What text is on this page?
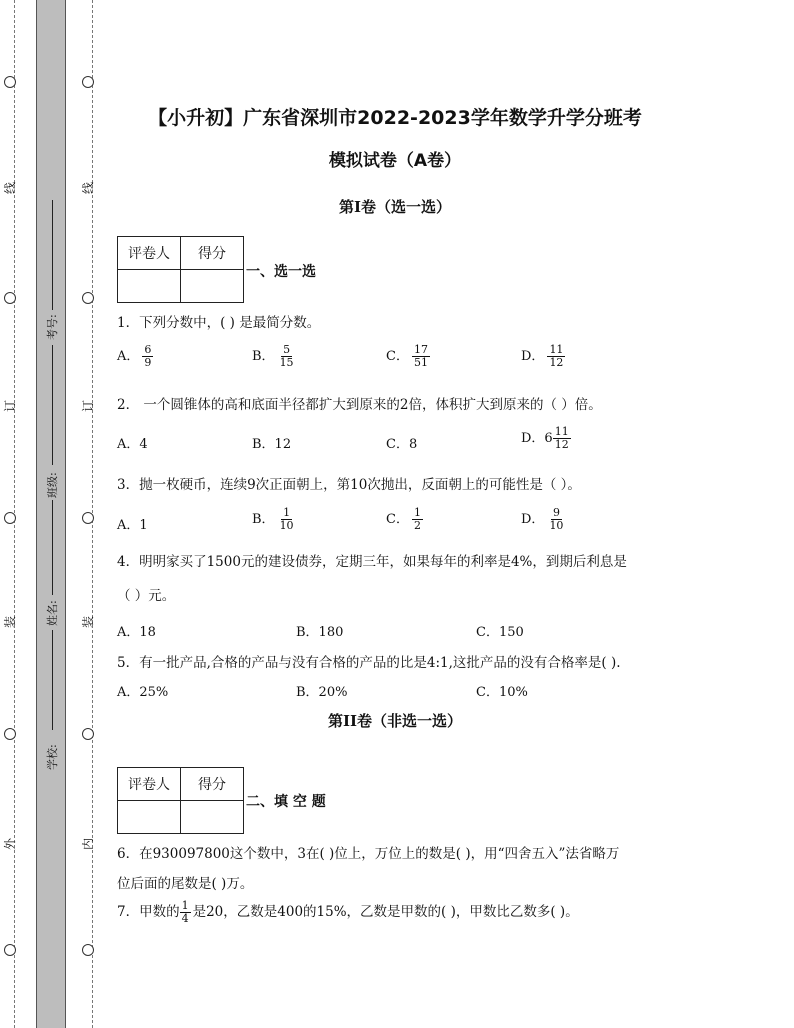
线
订
装
外
线
订
装
内
考号:
班级:
姓名:
学校:
【小升初】广东省深圳市2022-2023学年数学升学分班考
模拟试卷（A卷）
第I卷（选一选）
评卷人	得分

一、选一选
1．下列分数中，( ) 是最简分数。
A． $\frac{6}{9}$	B． $\frac{5}{15}$	C． $\frac{17}{51}$	D． $\frac{11}{12}$
2． 一个圆锥体的高和底面半径都扩大到原来的2倍，体积扩大到原来的（ ）倍。
A．4	B．12	C．8	D．$6 \frac{11}{12}$
3．抛一枚硬币，连续9次正面朝上，第10次抛出，反面朝上的可能性是（ ）。
A．1	B． $\frac{1}{10}$	C． $\frac{1}{2}$	D． $\frac{9}{10}$
4．明明家买了1500元的建设债券，定期三年，如果每年的利率是4%，到期后利息是
（ ）元。
A．18	B．180	C．150
5．有一批产品,合格的产品与没有合格的产品的比是4:1,这批产品的没有合格率是( ).
A．25%	B．20%	C．10%
第II卷（非选一选）
评卷人	得分

二、填 空 题
6．在930097800这个数中，3在( )位上，万位上的数是( )，用“四舍五入”法省略万
位后面的尾数是( )万。
7．甲数的 $\frac{1}{4}$ 是20，乙数是400的15%，乙数是甲数的( )，甲数比乙数多( )。
